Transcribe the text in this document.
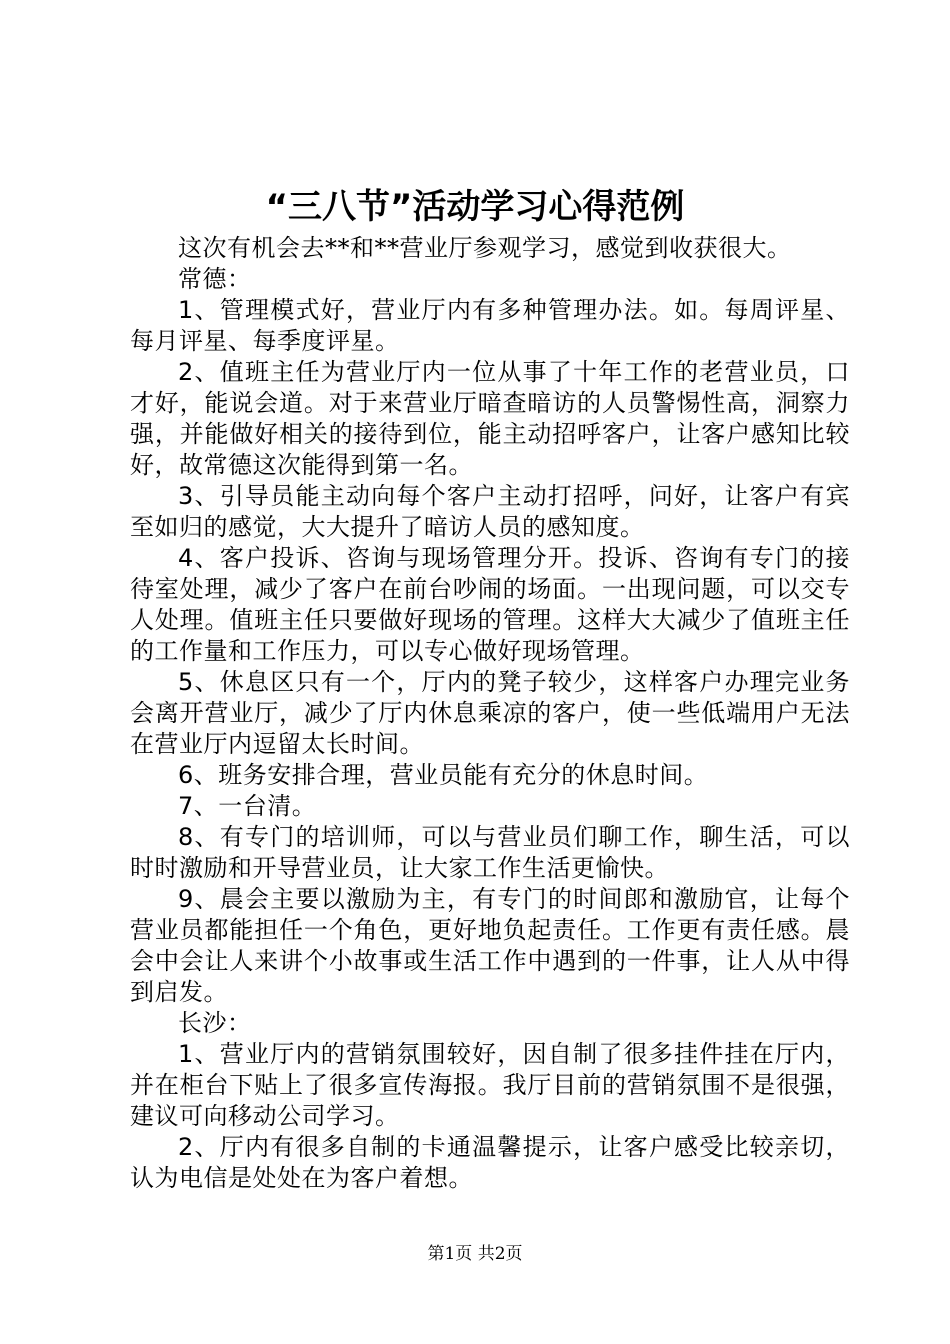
“三八节”活动学习心得范例

这次有机会去**和**营业厅参观学习，感觉到收获很大。

常德：

1、管理模式好，营业厅内有多种管理办法。如。每周评星、每月评星、每季度评星。

2、值班主任为营业厅内一位从事了十年工作的老营业员，口才好，能说会道。对于来营业厅暗查暗访的人员警惕性高，洞察力强，并能做好相关的接待到位，能主动招呼客户，让客户感知比较好，故常德这次能得到第一名。

3、引导员能主动向每个客户主动打招呼，问好，让客户有宾至如归的感觉，大大提升了暗访人员的感知度。

4、客户投诉、咨询与现场管理分开。投诉、咨询有专门的接待室处理，减少了客户在前台吵闹的场面。一出现问题，可以交专人处理。值班主任只要做好现场的管理。这样大大减少了值班主任的工作量和工作压力，可以专心做好现场管理。

5、休息区只有一个，厅内的凳子较少，这样客户办理完业务会离开营业厅，减少了厅内休息乘凉的客户，使一些低端用户无法在营业厅内逗留太长时间。

6、班务安排合理，营业员能有充分的休息时间。

7、一台清。

8、有专门的培训师，可以与营业员们聊工作，聊生活，可以时时激励和开导营业员，让大家工作生活更愉快。

9、晨会主要以激励为主，有专门的时间郎和激励官，让每个营业员都能担任一个角色，更好地负起责任。工作更有责任感。晨会中会让人来讲个小故事或生活工作中遇到的一件事，让人从中得到启发。

长沙：

1、营业厅内的营销氛围较好，因自制了很多挂件挂在厅内，并在柜台下贴上了很多宣传海报。我厅目前的营销氛围不是很强，建议可向移动公司学习。

2、厅内有很多自制的卡通温馨提示，让客户感受比较亲切，认为电信是处处在为客户着想。

第1页 共2页
